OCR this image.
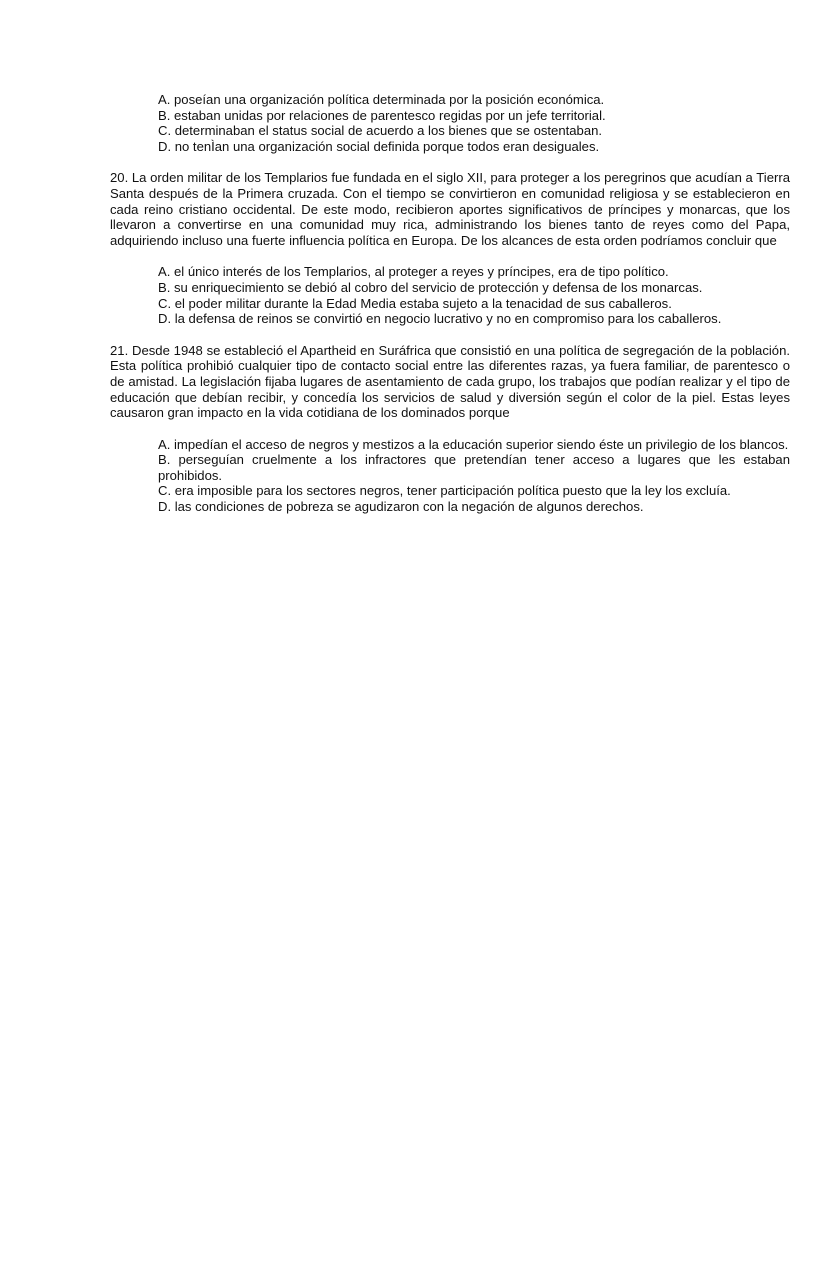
A. poseían una organización política determinada por la posición económica.

B. estaban unidas por relaciones de parentesco regidas por un jefe territorial.

C. determinaban el status social de acuerdo a los bienes que se ostentaban.

D. no tenÌan una organización social definida porque todos eran desiguales.

20. La orden militar de los Templarios fue fundada en el siglo XII, para proteger a los peregrinos que acudían a Tierra Santa después de la Primera cruzada. Con el tiempo se convirtieron en comunidad religiosa y se establecieron en cada reino cristiano occidental. De este modo, recibieron aportes significativos de príncipes y monarcas, que los llevaron a convertirse en una comunidad muy rica, administrando los bienes tanto de reyes como del Papa, adquiriendo incluso una fuerte influencia política en Europa. De los alcances de esta orden podríamos concluir que

A. el único interés de los Templarios, al proteger a reyes y príncipes, era de tipo político.

B. su enriquecimiento se debió al cobro del servicio de protección y defensa de los monarcas.

C. el poder militar durante la Edad Media estaba sujeto a la tenacidad de sus caballeros.

D. la defensa de reinos se convirtió en negocio lucrativo y no en compromiso para los caballeros.

21. Desde 1948 se estableció el Apartheid en Suráfrica que consistió en una política de segregación de la población. Esta política prohibió cualquier tipo de contacto social entre las diferentes razas, ya fuera familiar, de parentesco o de amistad. La legislación fijaba lugares de asentamiento de cada grupo, los trabajos que podían realizar y el tipo de educación que debían recibir, y concedía los servicios de salud y diversión según el color de la piel. Estas leyes causaron gran impacto en la vida cotidiana de los dominados porque

A. impedían el acceso de negros y mestizos a la educación superior siendo éste un privilegio de los blancos.

B. perseguían cruelmente a los infractores que pretendían tener acceso a lugares que les estaban prohibidos.

C. era imposible para los sectores negros, tener participación política puesto que la ley los excluía.

D. las condiciones de pobreza se agudizaron con la negación de algunos derechos.
